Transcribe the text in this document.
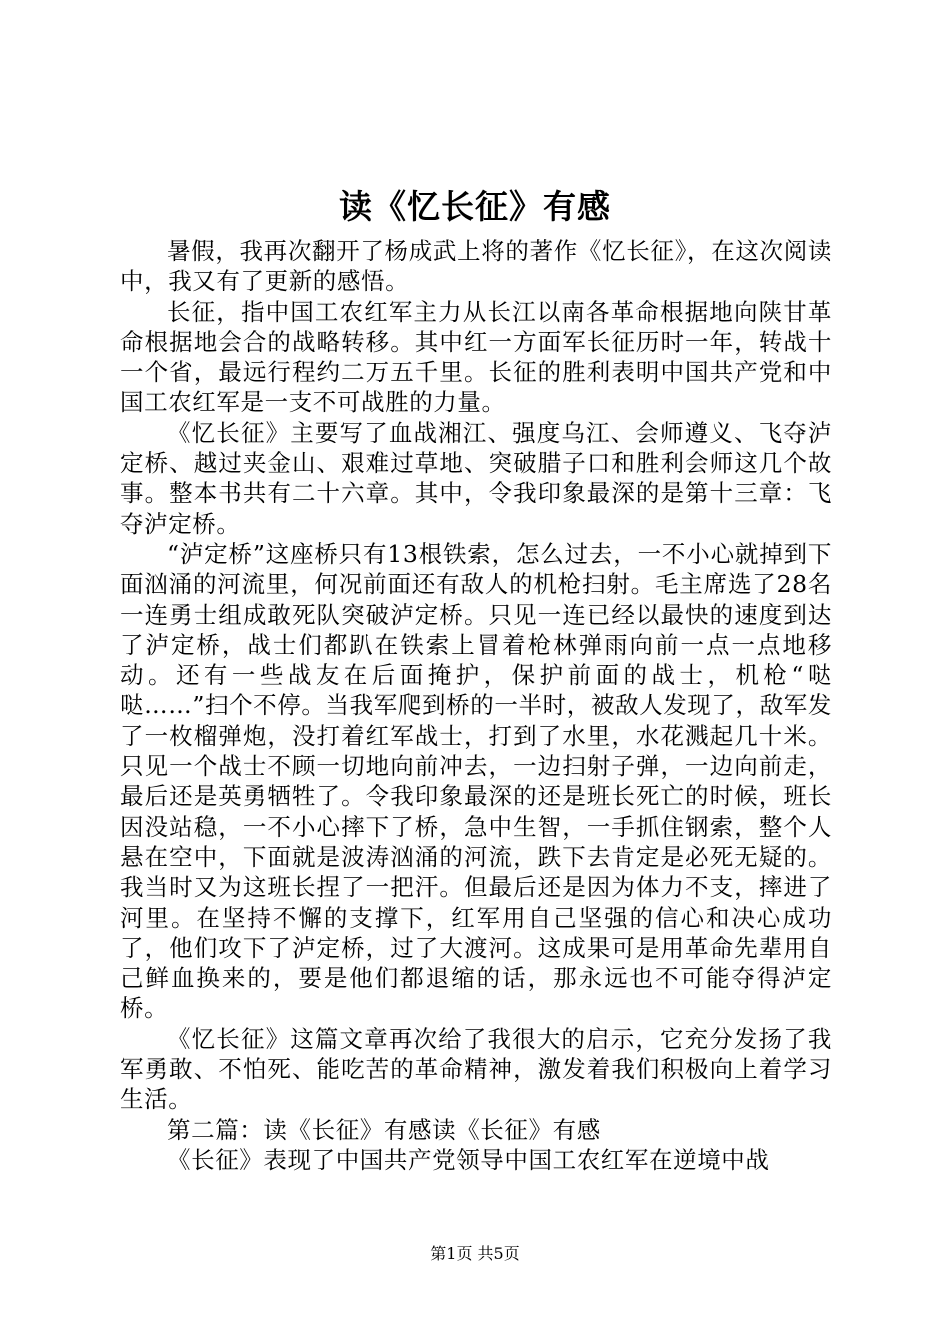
读《忆长征》有感

暑假，我再次翻开了杨成武上将的著作《忆长征》，在这次阅读中，我又有了更新的感悟。

长征，指中国工农红军主力从长江以南各革命根据地向陕甘革命根据地会合的战略转移。其中红一方面军长征历时一年，转战十一个省，最远行程约二万五千里。长征的胜利表明中国共产党和中国工农红军是一支不可战胜的力量。

《忆长征》主要写了血战湘江、强度乌江、会师遵义、飞夺泸定桥、越过夹金山、艰难过草地、突破腊子口和胜利会师这几个故事。整本书共有二十六章。其中，令我印象最深的是第十三章：飞夺泸定桥。

“泸定桥”这座桥只有13根铁索，怎么过去，一不小心就掉到下面汹涌的河流里，何况前面还有敌人的机枪扫射。毛主席选了28名一连勇士组成敢死队突破泸定桥。只见一连已经以最快的速度到达了泸定桥，战士们都趴在铁索上冒着枪林弹雨向前一点一点地移动。还有一些战友在后面掩护，保护前面的战士，机枪“哒哒……”扫个不停。当我军爬到桥的一半时，被敌人发现了，敌军发了一枚榴弹炮，没打着红军战士，打到了水里，水花溅起几十米。只见一个战士不顾一切地向前冲去，一边扫射子弹，一边向前走，最后还是英勇牺牲了。令我印象最深的还是班长死亡的时候，班长因没站稳，一不小心摔下了桥，急中生智，一手抓住钢索，整个人悬在空中，下面就是波涛汹涌的河流，跌下去肯定是必死无疑的。我当时又为这班长捏了一把汗。但最后还是因为体力不支，摔进了河里。在坚持不懈的支撑下，红军用自己坚强的信心和决心成功了，他们攻下了泸定桥，过了大渡河。这成果可是用革命先辈用自己鲜血换来的，要是他们都退缩的话，那永远也不可能夺得泸定桥。

《忆长征》这篇文章再次给了我很大的启示，它充分发扬了我军勇敢、不怕死、能吃苦的革命精神，激发着我们积极向上着学习生活。

第二篇：读《长征》有感读《长征》有感

《长征》表现了中国共产党领导中国工农红军在逆境中战

第1页 共5页
